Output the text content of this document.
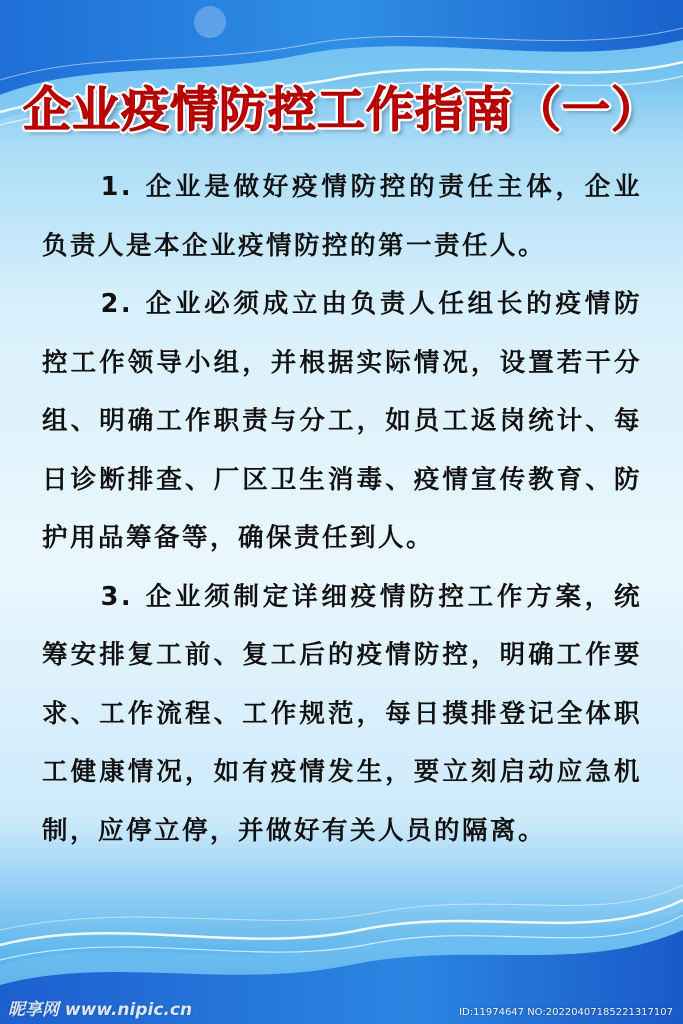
企业疫情防控工作指南（一）

1. 企业是做好疫情防控的责任主体，企业负责人是本企业疫情防控的第一责任人。

2. 企业必须成立由负责人任组长的疫情防控工作领导小组，并根据实际情况，设置若干分组、明确工作职责与分工，如员工返岗统计、每日诊断排查、厂区卫生消毒、疫情宣传教育、防护用品筹备等，确保责任到人。

3. 企业须制定详细疫情防控工作方案，统筹安排复工前、复工后的疫情防控，明确工作要求、工作流程、工作规范，每日摸排登记全体职工健康情况，如有疫情发生，要立刻启动应急机制，应停立停，并做好有关人员的隔离。

昵享网 www.nipic.cn	ID:11974647 NO:20220407185221317107
